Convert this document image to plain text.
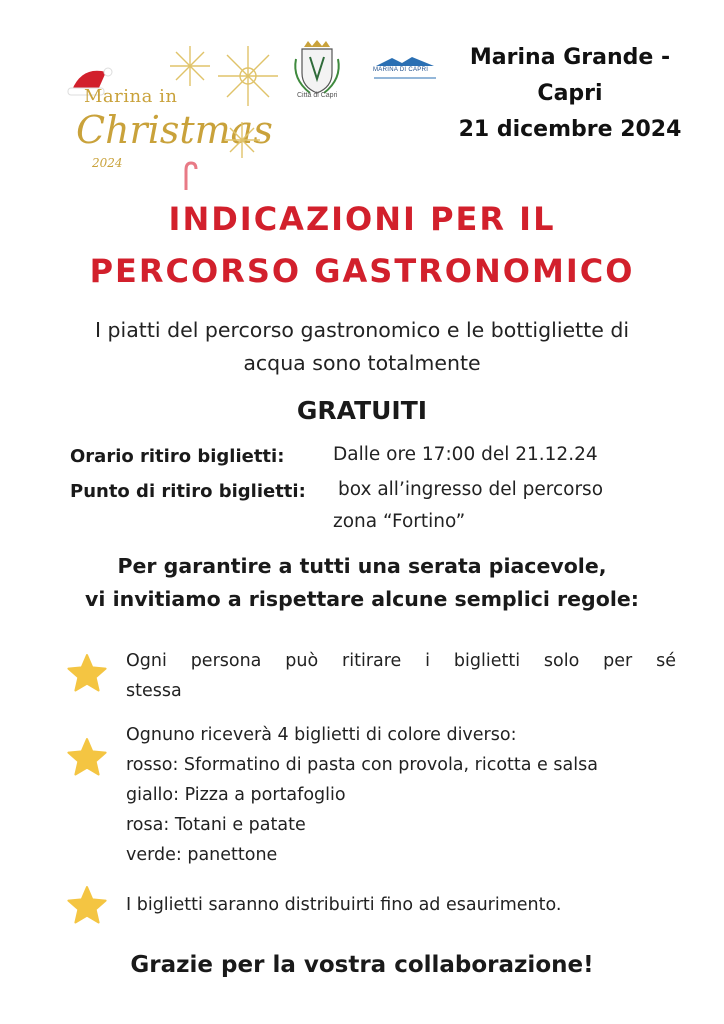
Marina in
Christmas
2024
Città di Capri
MARINA DI CAPRI	Marina Grande -
Capri
21 dicembre 2024
INDICAZIONI PER IL
PERCORSO GASTRONOMICO
I piatti del percorso gastronomico e le bottigliette di
acqua sono totalmente
GRATUITI
Orario ritiro biglietti:	Dalle ore 17:00 del 21.12.24
Punto di ritiro biglietti: box all’ingresso del percorso
zona “Fortino”
Per garantire a tutti una serata piacevole,
vi invitiamo a rispettare alcune semplici regole:
Ogni persona può ritirare i biglietti solo per sé
stessa
Ognuno riceverà 4 biglietti di colore diverso:
rosso: Sformatino di pasta con provola, ricotta e salsa
giallo: Pizza a portafoglio
rosa: Totani e patate
verde: panettone
I biglietti saranno distribuirti fino ad esaurimento.
Grazie per la vostra collaborazione!
